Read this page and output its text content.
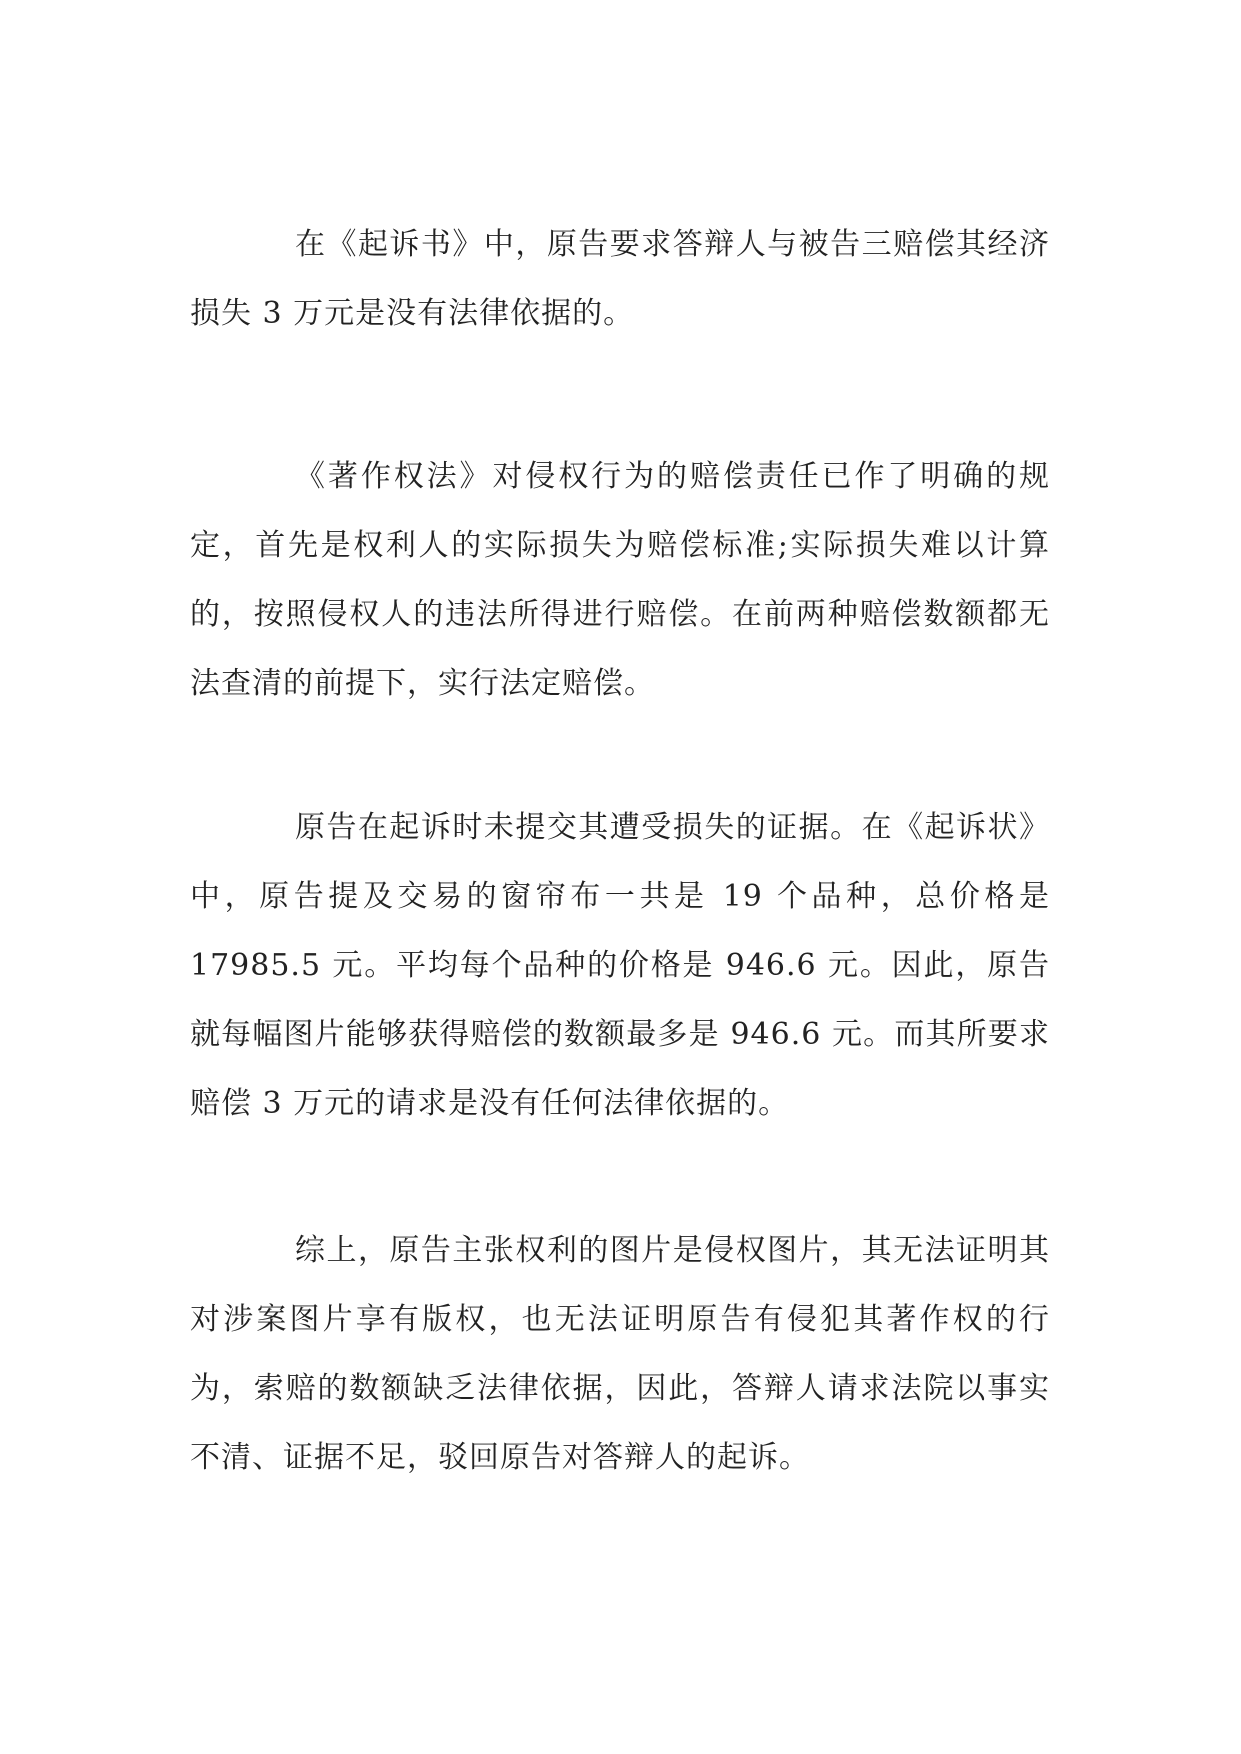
在《起诉书》中，原告要求答辩人与被告三赔偿其经济损失 3 万元是没有法律依据的。

《著作权法》对侵权行为的赔偿责任已作了明确的规定，首先是权利人的实际损失为赔偿标准;实际损失难以计算的，按照侵权人的违法所得进行赔偿。在前两种赔偿数额都无法查清的前提下，实行法定赔偿。

原告在起诉时未提交其遭受损失的证据。在《起诉状》中，原告提及交易的窗帘布一共是 19 个品种，总价格是 17985.5 元。平均每个品种的价格是 946.6 元。因此，原告就每幅图片能够获得赔偿的数额最多是 946.6 元。而其所要求赔偿 3 万元的请求是没有任何法律依据的。

综上，原告主张权利的图片是侵权图片，其无法证明其对涉案图片享有版权，也无法证明原告有侵犯其著作权的行为，索赔的数额缺乏法律依据，因此，答辩人请求法院以事实不清、证据不足，驳回原告对答辩人的起诉。
